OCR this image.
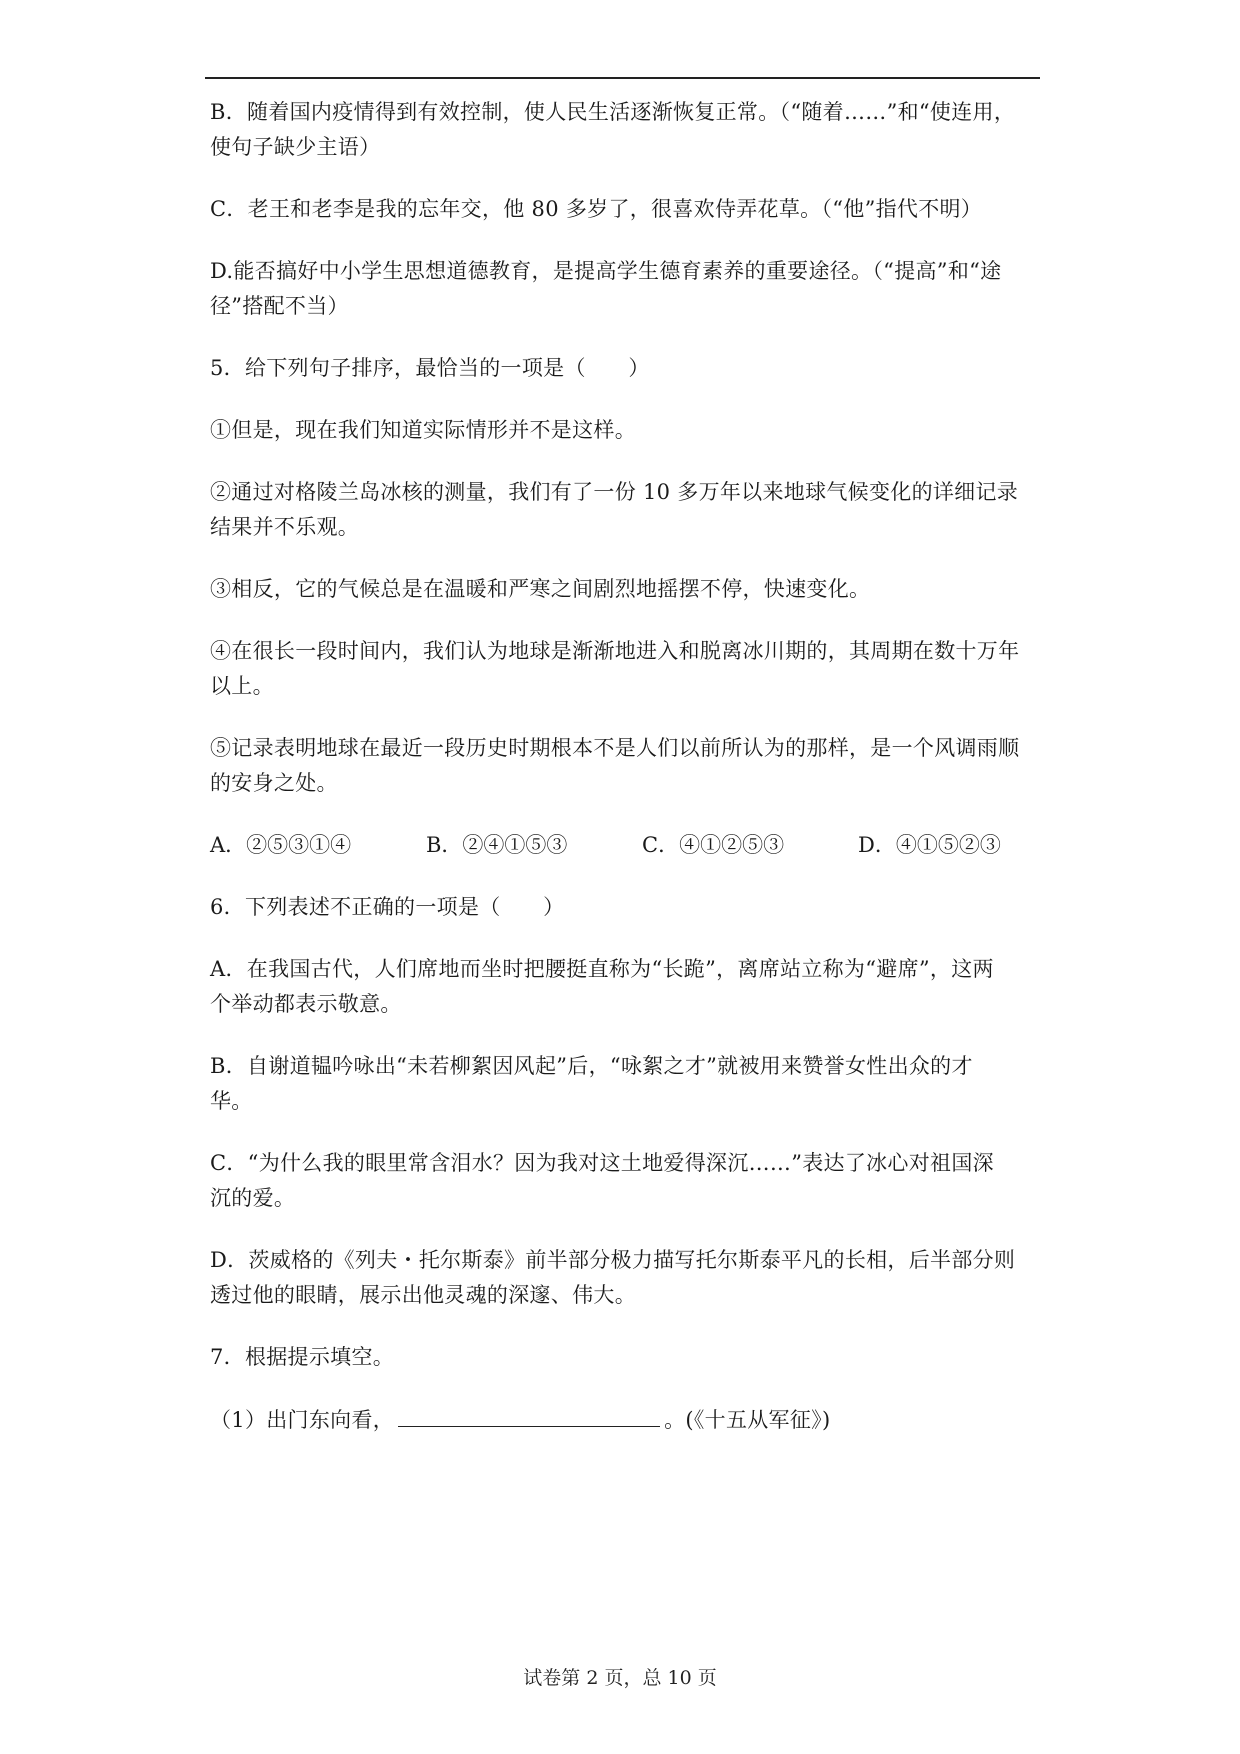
B．随着国内疫情得到有效控制，使人民生活逐渐恢复正常。（“随着……”和“使连用，
使句子缺少主语）
C．老王和老李是我的忘年交，他 80 多岁了，很喜欢侍弄花草。（“他”指代不明）
D.能否搞好中小学生思想道德教育，是提高学生德育素养的重要途径。（“提高”和“途
径”搭配不当）
5．给下列句子排序，最恰当的一项是（　　）
①但是，现在我们知道实际情形并不是这样。
②通过对格陵兰岛冰核的测量，我们有了一份 10 多万年以来地球气候变化的详细记录
结果并不乐观。
③相反，它的气候总是在温暖和严寒之间剧烈地摇摆不停，快速变化。
④在很长一段时间内，我们认为地球是渐渐地进入和脱离冰川期的，其周期在数十万年
以上。
⑤记录表明地球在最近一段历史时期根本不是人们以前所认为的那样，是一个风调雨顺
的安身之处。
A．②⑤③①④	B．②④①⑤③	C．④①②⑤③	D．④①⑤②③
6．下列表述不正确的一项是（　　）
A．在我国古代，人们席地而坐时把腰挺直称为“长跪”，离席站立称为“避席”，这两
个举动都表示敬意。
B．自谢道韫吟咏出“未若柳絮因风起”后，“咏絮之才”就被用来赞誉女性出众的才
华。
C．“为什么我的眼里常含泪水？因为我对这土地爱得深沉……”表达了冰心对祖国深
沉的爱。
D．茨威格的《列夫・托尔斯泰》前半部分极力描写托尔斯泰平凡的长相，后半部分则
透过他的眼睛，展示出他灵魂的深邃、伟大。
7．根据提示填空。
（1）出门东向看，	。(《十五从军征》)
试卷第 2 页，总 10 页
